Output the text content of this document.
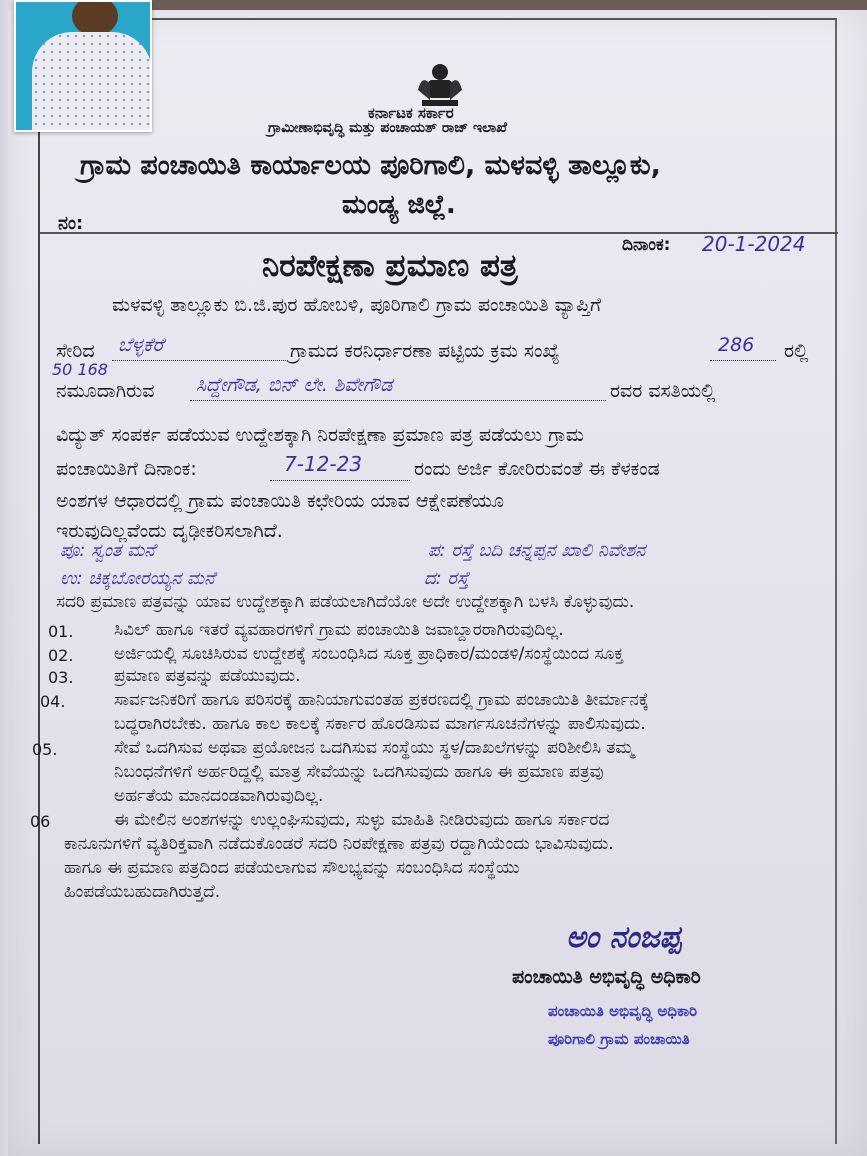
ಕರ್ನಾಟಕ ಸರ್ಕಾರ
ಗ್ರಾಮೀಣಾಭಿವೃದ್ಧಿ ಮತ್ತು ಪಂಚಾಯತ್ ರಾಜ್ ಇಲಾಖೆ
ಗ್ರಾಮ ಪಂಚಾಯಿತಿ ಕಾರ್ಯಾಲಯ ಪೂರಿಗಾಲಿ, ಮಳವಳ್ಳಿ ತಾಲ್ಲೂಕು,
ಮಂಡ್ಯ ಜಿಲ್ಲೆ.
ನಂ:
ದಿನಾಂಕ: 20-1-2024
ನಿರಪೇಕ್ಷಣಾ ಪ್ರಮಾಣ ಪತ್ರ
ಮಳವಳ್ಳಿ ತಾಲ್ಲೂಕು ಬಿ.ಜಿ.ಪುರ ಹೋಬಳಿ, ಪೂರಿಗಾಲಿ ಗ್ರಾಮ ಪಂಚಾಯಿತಿ ವ್ಯಾಪ್ತಿಗೆ
ಸೇರಿದ ಬೆಳ್ಳಕೆರೆ	ಗ್ರಾಮದ ಕರನಿರ್ಧಾರಣಾ ಪಟ್ಟಿಯ ಕ್ರಮ ಸಂಖ್ಯೆ	286 ರಲ್ಲಿ
50 168
ನಮೂದಾಗಿರುವ ಸಿದ್ದೇಗೌಡ, ಬಿನ್ ಲೇ. ಶಿವೇಗೌಡ	ರವರ ವಸತಿಯಲ್ಲಿ
ವಿದ್ಯುತ್ ಸಂಪರ್ಕ ಪಡೆಯುವ ಉದ್ದೇಶಕ್ಕಾಗಿ ನಿರಪೇಕ್ಷಣಾ ಪ್ರಮಾಣ ಪತ್ರ ಪಡೆಯಲು ಗ್ರಾಮ
ಪಂಚಾಯಿತಿಗೆ ದಿನಾಂಕ:	7-12-23	ರಂದು ಅರ್ಜಿ ಕೋರಿರುವಂತೆ ಈ ಕೆಳಕಂಡ
ಅಂಶಗಳ ಆಧಾರದಲ್ಲಿ ಗ್ರಾಮ ಪಂಚಾಯಿತಿ ಕಛೇರಿಯ ಯಾವ ಆಕ್ಷೇಪಣೆಯೂ
ಇರುವುದಿಲ್ಲವೆಂದು ದೃಢೀಕರಿಸಲಾಗಿದೆ.
ಪೂ: ಸ್ವಂತ ಮನೆ	ಪ: ರಸ್ತೆ ಬದಿ ಚನ್ನಪ್ಪನ ಖಾಲಿ ನಿವೇಶನ
ಉ: ಚಿಕ್ಕಬೋರಯ್ಯನ ಮನೆ	ದ: ರಸ್ತೆ
ಸದರಿ ಪ್ರಮಾಣ ಪತ್ರವನ್ನು ಯಾವ ಉದ್ದೇಶಕ್ಕಾಗಿ ಪಡೆಯಲಾಗಿದೆಯೋ ಅದೇ ಉದ್ದೇಶಕ್ಕಾಗಿ ಬಳಸಿ ಕೊಳ್ಳುವುದು.
01. ಸಿವಿಲ್ ಹಾಗೂ ಇತರೆ ವ್ಯವಹಾರಗಳಿಗೆ ಗ್ರಾಮ ಪಂಚಾಯಿತಿ ಜವಾಬ್ದಾರರಾಗಿರುವುದಿಲ್ಲ.
02. ಅರ್ಜಿಯಲ್ಲಿ ಸೂಚಿಸಿರುವ ಉದ್ದೇಶಕ್ಕೆ ಸಂಬಂಧಿಸಿದ ಸೂಕ್ತ ಪ್ರಾಧಿಕಾರ/ಮಂಡಳಿ/ಸಂಸ್ಥೆಯಿಂದ ಸೂಕ್ತ
03. ಪ್ರಮಾಣ ಪತ್ರವನ್ನು ಪಡೆಯುವುದು.
04.	ಸಾರ್ವಜನಿಕರಿಗೆ ಹಾಗೂ ಪರಿಸರಕ್ಕೆ ಹಾನಿಯಾಗುವಂತಹ ಪ್ರಕರಣದಲ್ಲಿ ಗ್ರಾಮ ಪಂಚಾಯಿತಿ ತೀರ್ಮಾನಕ್ಕೆ
ಬದ್ಧರಾಗಿರಬೇಕು. ಹಾಗೂ ಕಾಲ ಕಾಲಕ್ಕೆ ಸರ್ಕಾರ ಹೊರಡಿಸುವ ಮಾರ್ಗಸೂಚನೆಗಳನ್ನು ಪಾಲಿಸುವುದು.
05.	ಸೇವೆ ಒದಗಿಸುವ ಅಥವಾ ಪ್ರಯೋಜನ ಒದಗಿಸುವ ಸಂಸ್ಥೆಯು ಸ್ಥಳ/ದಾಖಲೆಗಳನ್ನು ಪರಿಶೀಲಿಸಿ ತಮ್ಮ
ನಿಬಂಧನೆಗಳಿಗೆ ಅರ್ಹರಿದ್ದಲ್ಲಿ ಮಾತ್ರ ಸೇವೆಯನ್ನು ಒದಗಿಸುವುದು ಹಾಗೂ ಈ ಪ್ರಮಾಣ ಪತ್ರವು
ಅರ್ಹತೆಯ ಮಾನದಂಡವಾಗಿರುವುದಿಲ್ಲ.
06	ಈ ಮೇಲಿನ ಅಂಶಗಳನ್ನು ಉಲ್ಲಂಘಿಸುವುದು, ಸುಳ್ಳು ಮಾಹಿತಿ ನೀಡಿರುವುದು ಹಾಗೂ ಸರ್ಕಾರದ
ಕಾನೂನುಗಳಿಗೆ ವ್ಯತಿರಿಕ್ತವಾಗಿ ನಡೆದುಕೊಂಡರೆ ಸದರಿ ನಿರಪೇಕ್ಷಣಾ ಪತ್ರವು ರದ್ದಾಗಿಯೆಂದು ಭಾವಿಸುವುದು.
ಹಾಗೂ ಈ ಪ್ರಮಾಣ ಪತ್ರದಿಂದ ಪಡೆಯಲಾಗುವ ಸೌಲಭ್ಯವನ್ನು ಸಂಬಂಧಿಸಿದ ಸಂಸ್ಥೆಯು
ಹಿಂಪಡೆಯಬಹುದಾಗಿರುತ್ತದೆ.
ಅಂ ನಂಜಪ್ಪ
ಪಂಚಾಯಿತಿ ಅಭಿವೃದ್ಧಿ ಅಧಿಕಾರಿ
ಪಂಚಾಯಿತಿ ಅಭಿವೃದ್ಧಿ ಅಧಿಕಾರಿ
ಪೂರಿಗಾಲಿ ಗ್ರಾಮ ಪಂಚಾಯಿತಿ
